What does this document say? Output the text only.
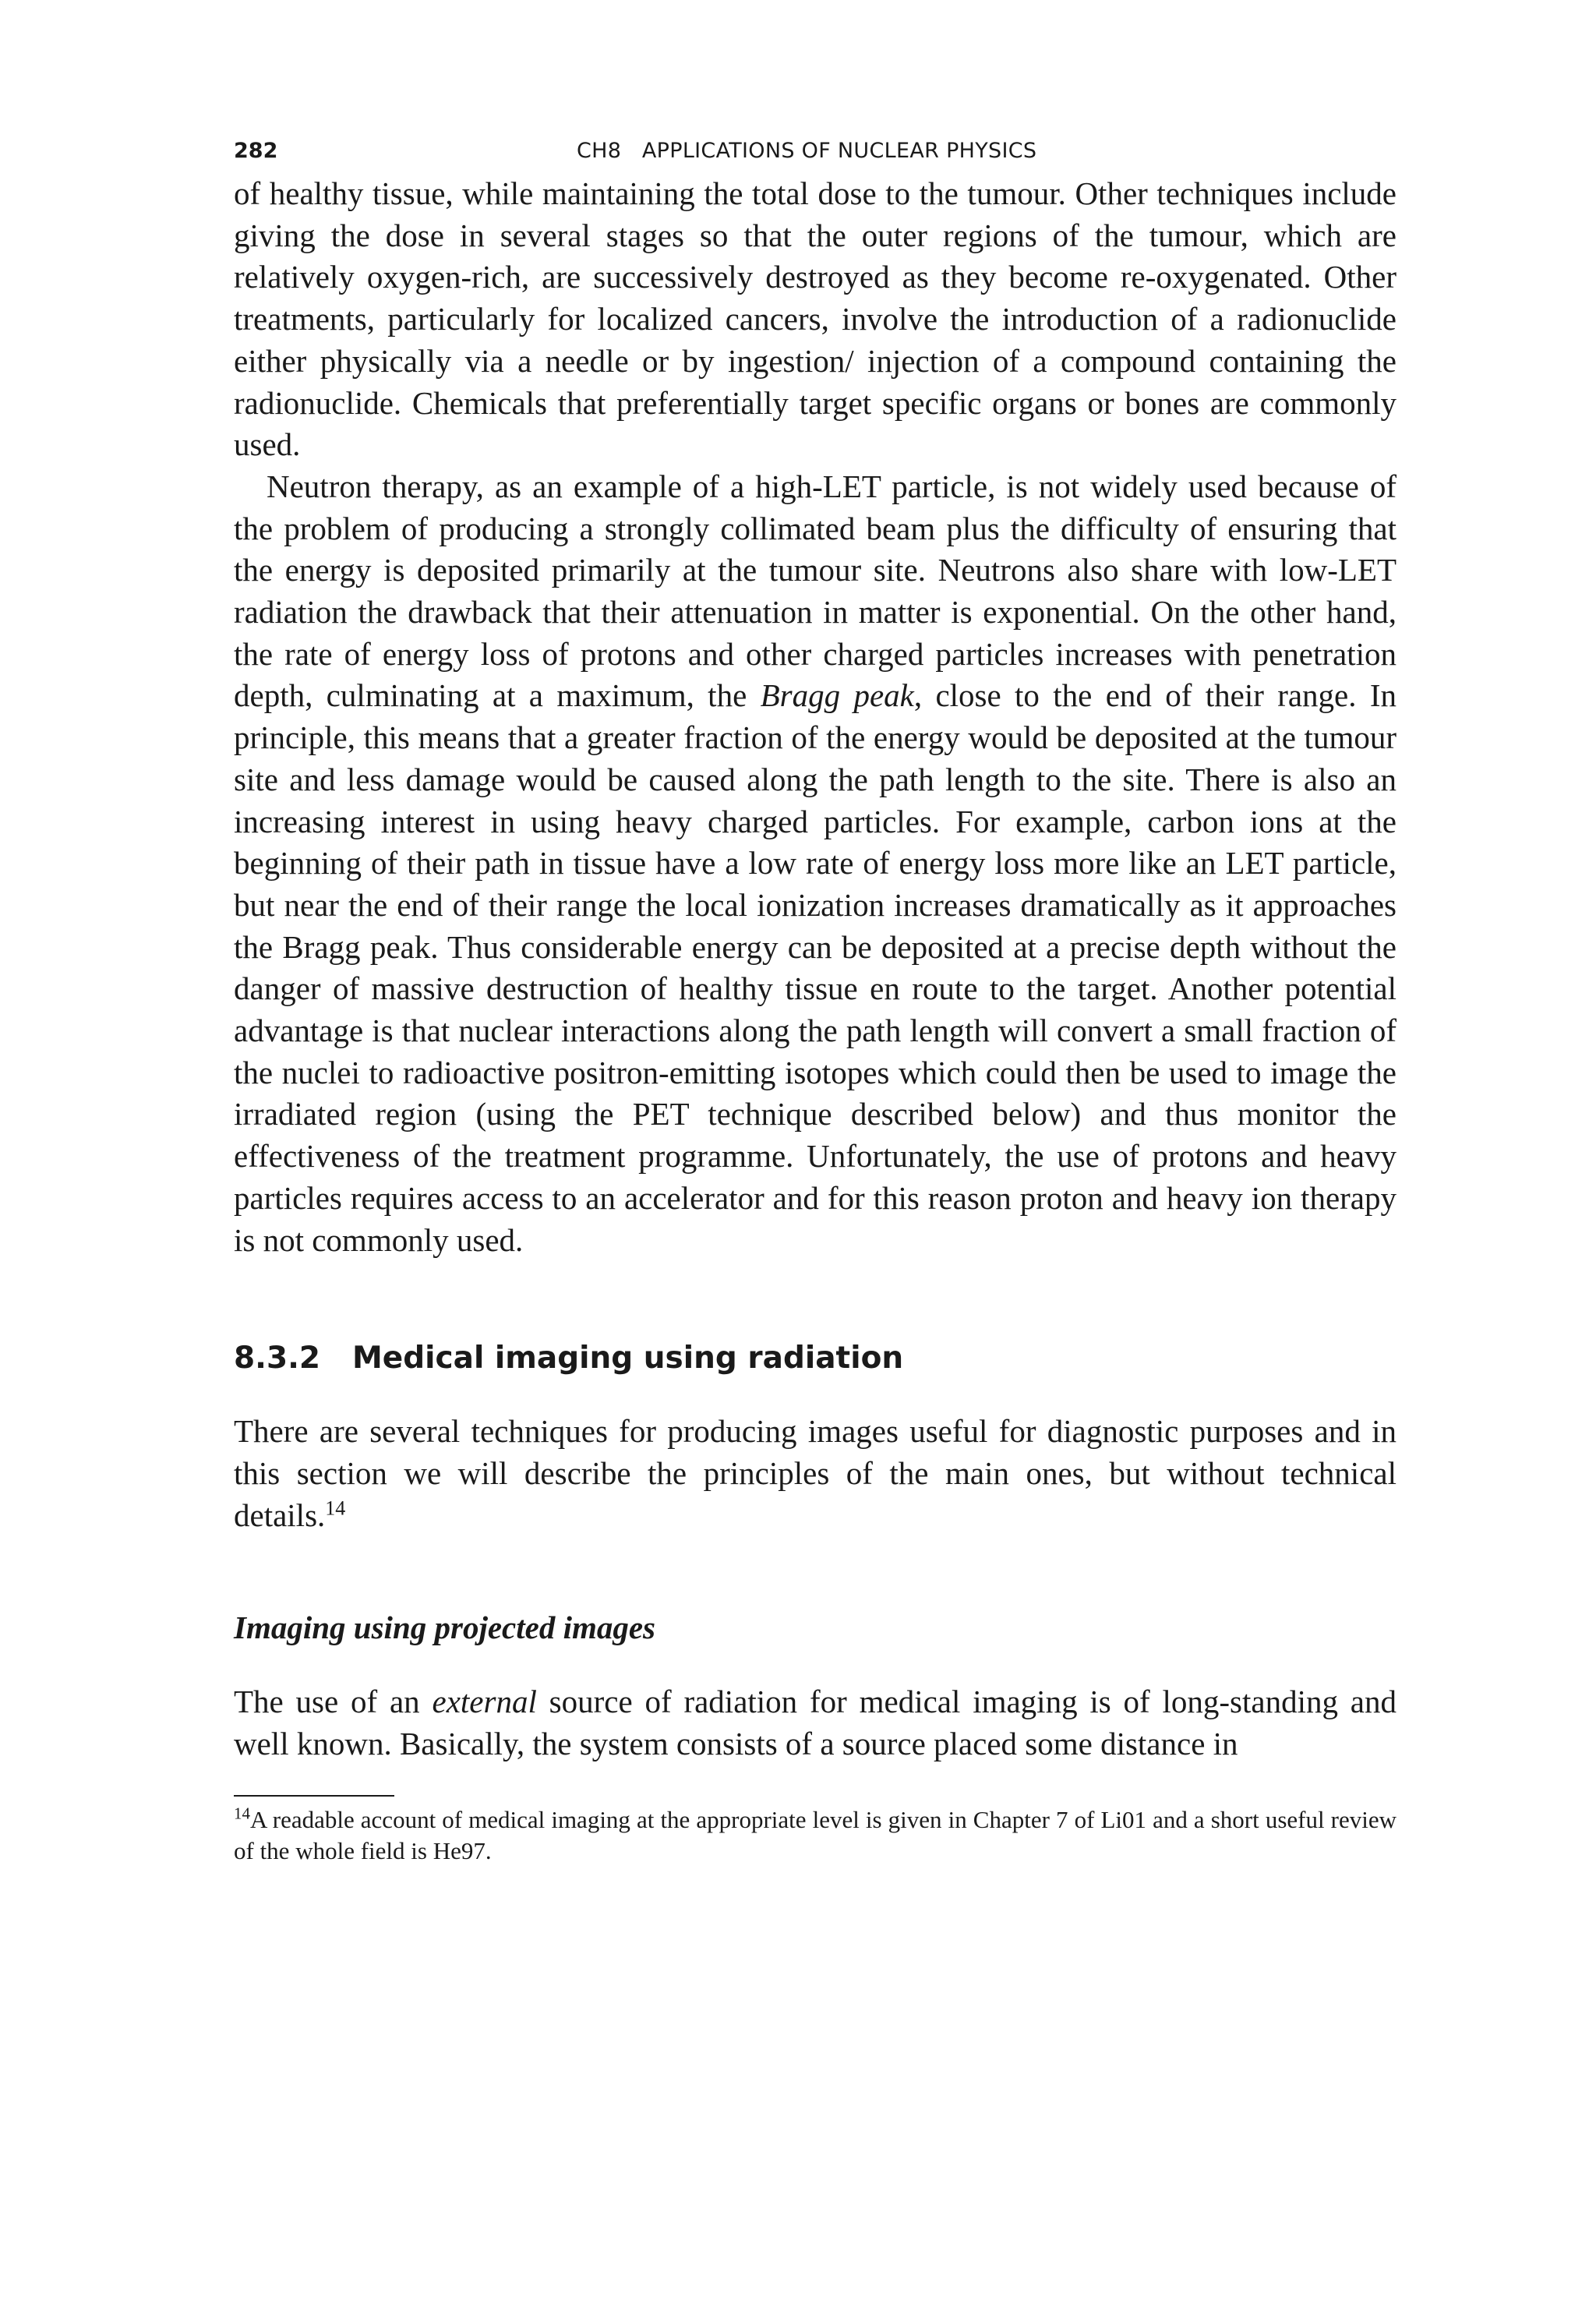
282	CH8   APPLICATIONS OF NUCLEAR PHYSICS

of healthy tissue, while maintaining the total dose to the tumour. Other techniques include giving the dose in several stages so that the outer regions of the tumour, which are relatively oxygen-rich, are successively destroyed as they become re-oxygenated. Other treatments, particularly for localized cancers, involve the introduction of a radionuclide either physically via a needle or by ingestion/ injection of a compound containing the radionuclide. Chemicals that preferentially target specific organs or bones are commonly used.

Neutron therapy, as an example of a high-LET particle, is not widely used because of the problem of producing a strongly collimated beam plus the difficulty of ensuring that the energy is deposited primarily at the tumour site. Neutrons also share with low-LET radiation the drawback that their attenuation in matter is exponential. On the other hand, the rate of energy loss of protons and other charged particles increases with penetration depth, culminating at a maximum, the Bragg peak, close to the end of their range. In principle, this means that a greater fraction of the energy would be deposited at the tumour site and less damage would be caused along the path length to the site. There is also an increasing interest in using heavy charged particles. For example, carbon ions at the beginning of their path in tissue have a low rate of energy loss more like an LET particle, but near the end of their range the local ionization increases dramatically as it approaches the Bragg peak. Thus considerable energy can be deposited at a precise depth without the danger of massive destruction of healthy tissue en route to the target. Another potential advantage is that nuclear interactions along the path length will convert a small fraction of the nuclei to radioactive positron-emitting isotopes which could then be used to image the irradiated region (using the PET technique described below) and thus monitor the effectiveness of the treatment programme. Unfortunately, the use of protons and heavy particles requires access to an accelerator and for this reason proton and heavy ion therapy is not commonly used.

8.3.2 Medical imaging using radiation

There are several techniques for producing images useful for diagnostic purposes and in this section we will describe the principles of the main ones, but without technical details.$^{14}$

Imaging using projected images

The use of an external source of radiation for medical imaging is of long-standing and well known. Basically, the system consists of a source placed some distance in

$^{14}$A readable account of medical imaging at the appropriate level is given in Chapter 7 of Li01 and a short useful review of the whole field is He97.
